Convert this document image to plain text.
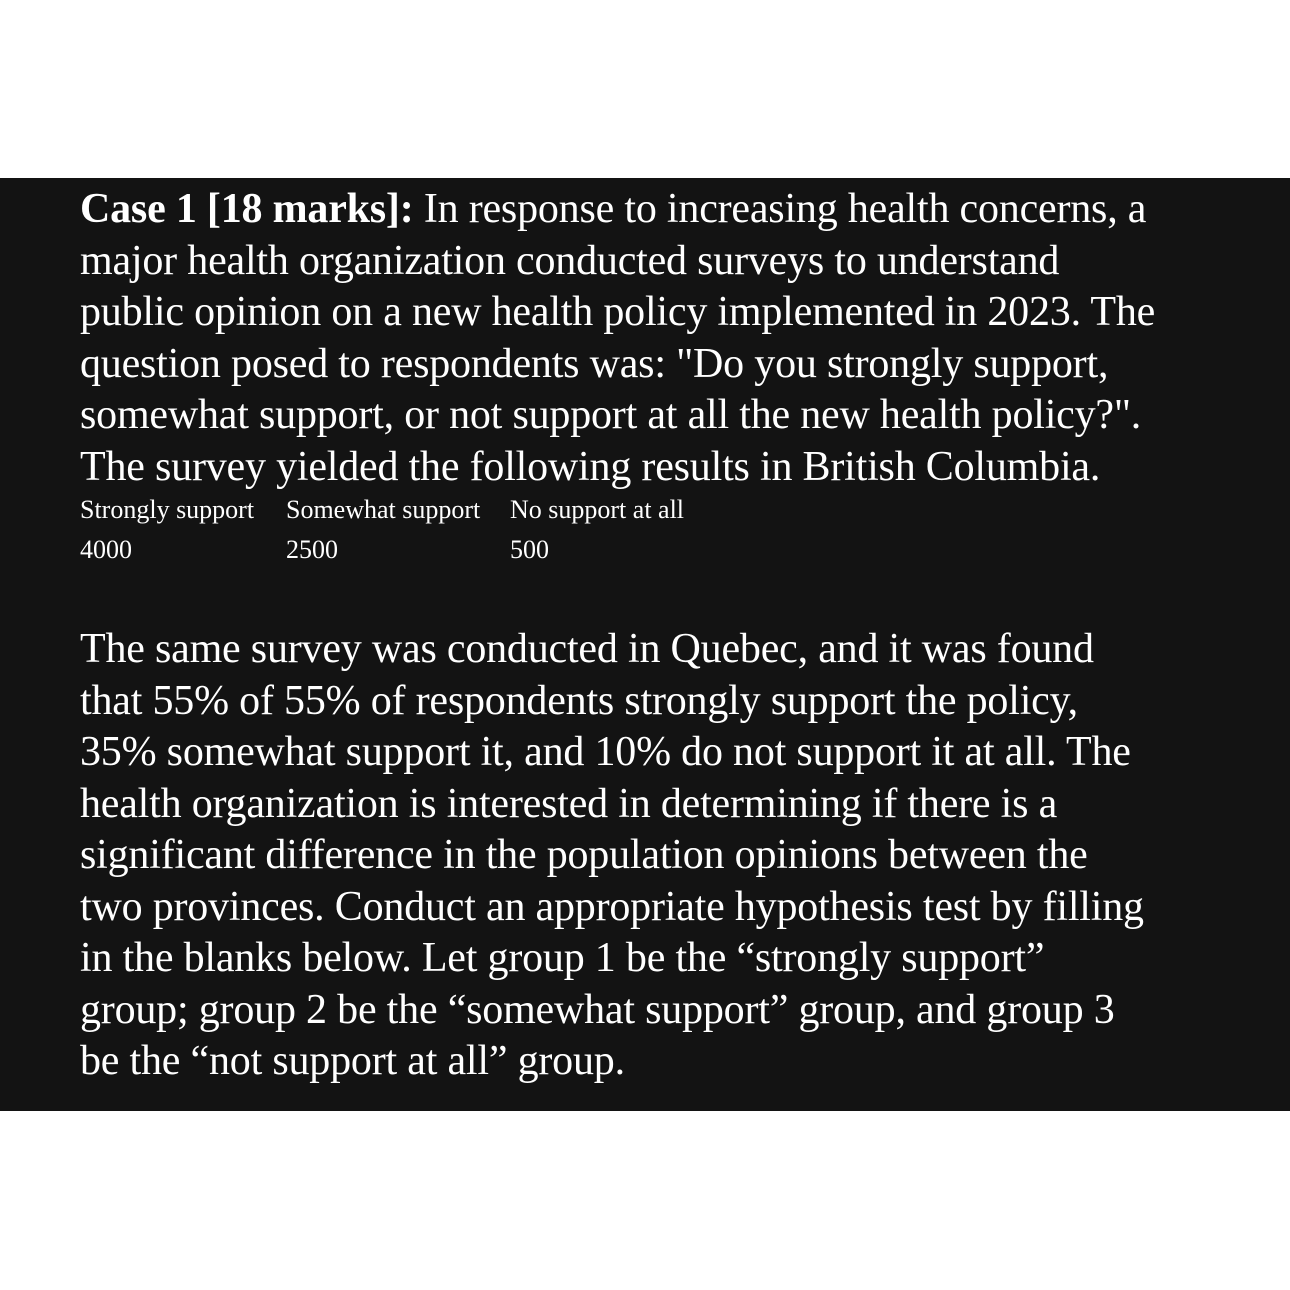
Case 1 [18 marks]: In response to increasing health concerns, a
major health organization conducted surveys to understand
public opinion on a new health policy implemented in 2023. The
question posed to respondents was: "Do you strongly support,
somewhat support, or not support at all the new health policy?".
The survey yielded the following results in British Columbia.

Strongly support Somewhat support No support at all
4000	2500	500

The same survey was conducted in Quebec, and it was found
that 55% of 55% of respondents strongly support the policy,
35% somewhat support it, and 10% do not support it at all. The
health organization is interested in determining if there is a
significant difference in the population opinions between the
two provinces. Conduct an appropriate hypothesis test by filling
in the blanks below. Let group 1 be the “strongly support”
group; group 2 be the “somewhat support” group, and group 3
be the “not support at all” group.
